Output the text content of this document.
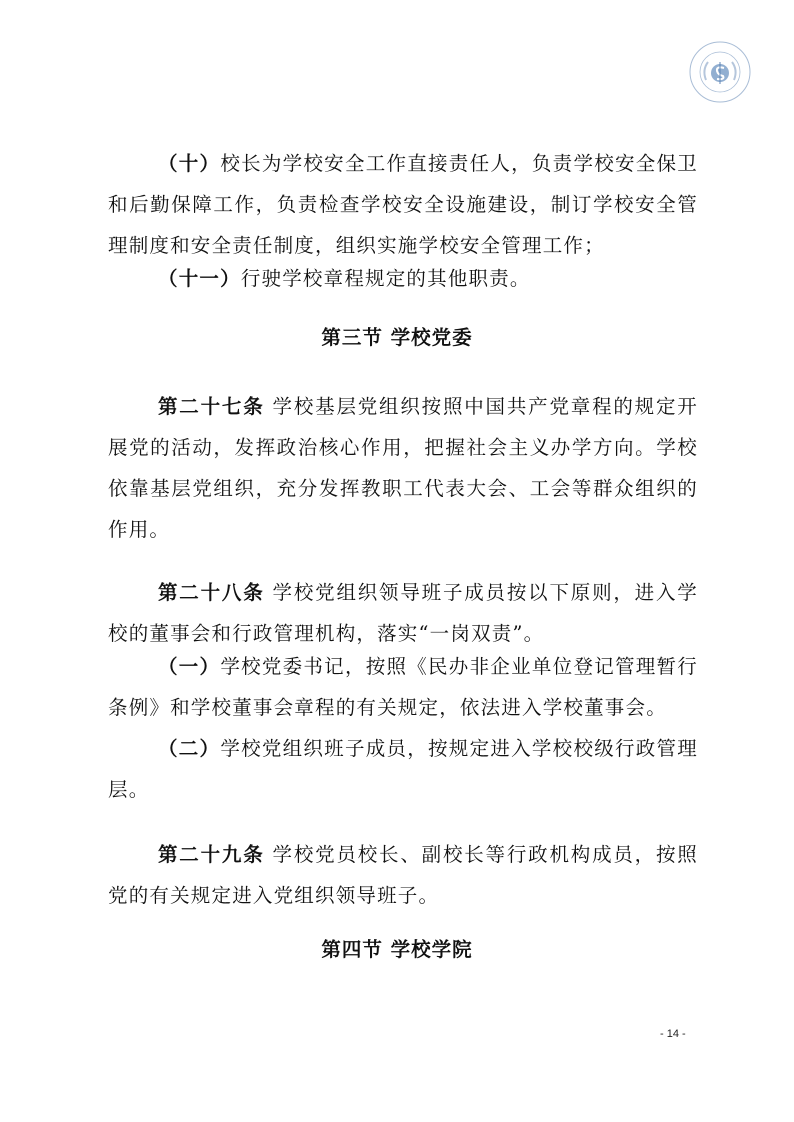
（十）校长为学校安全工作直接责任人，负责学校安全保卫和后勤保障工作，负责检查学校安全设施建设，制订学校安全管理制度和安全责任制度，组织实施学校安全管理工作；

（十一）行驶学校章程规定的其他职责。

第三节 学校党委

第二十七条 学校基层党组织按照中国共产党章程的规定开展党的活动，发挥政治核心作用，把握社会主义办学方向。学校依靠基层党组织，充分发挥教职工代表大会、工会等群众组织的作用。

第二十八条 学校党组织领导班子成员按以下原则，进入学校的董事会和行政管理机构，落实“一岗双责”。

（一）学校党委书记，按照《民办非企业单位登记管理暂行条例》和学校董事会章程的有关规定，依法进入学校董事会。

（二）学校党组织班子成员，按规定进入学校校级行政管理层。

第二十九条 学校党员校长、副校长等行政机构成员，按照党的有关规定进入党组织领导班子。

第四节 学校学院
- 14 -
